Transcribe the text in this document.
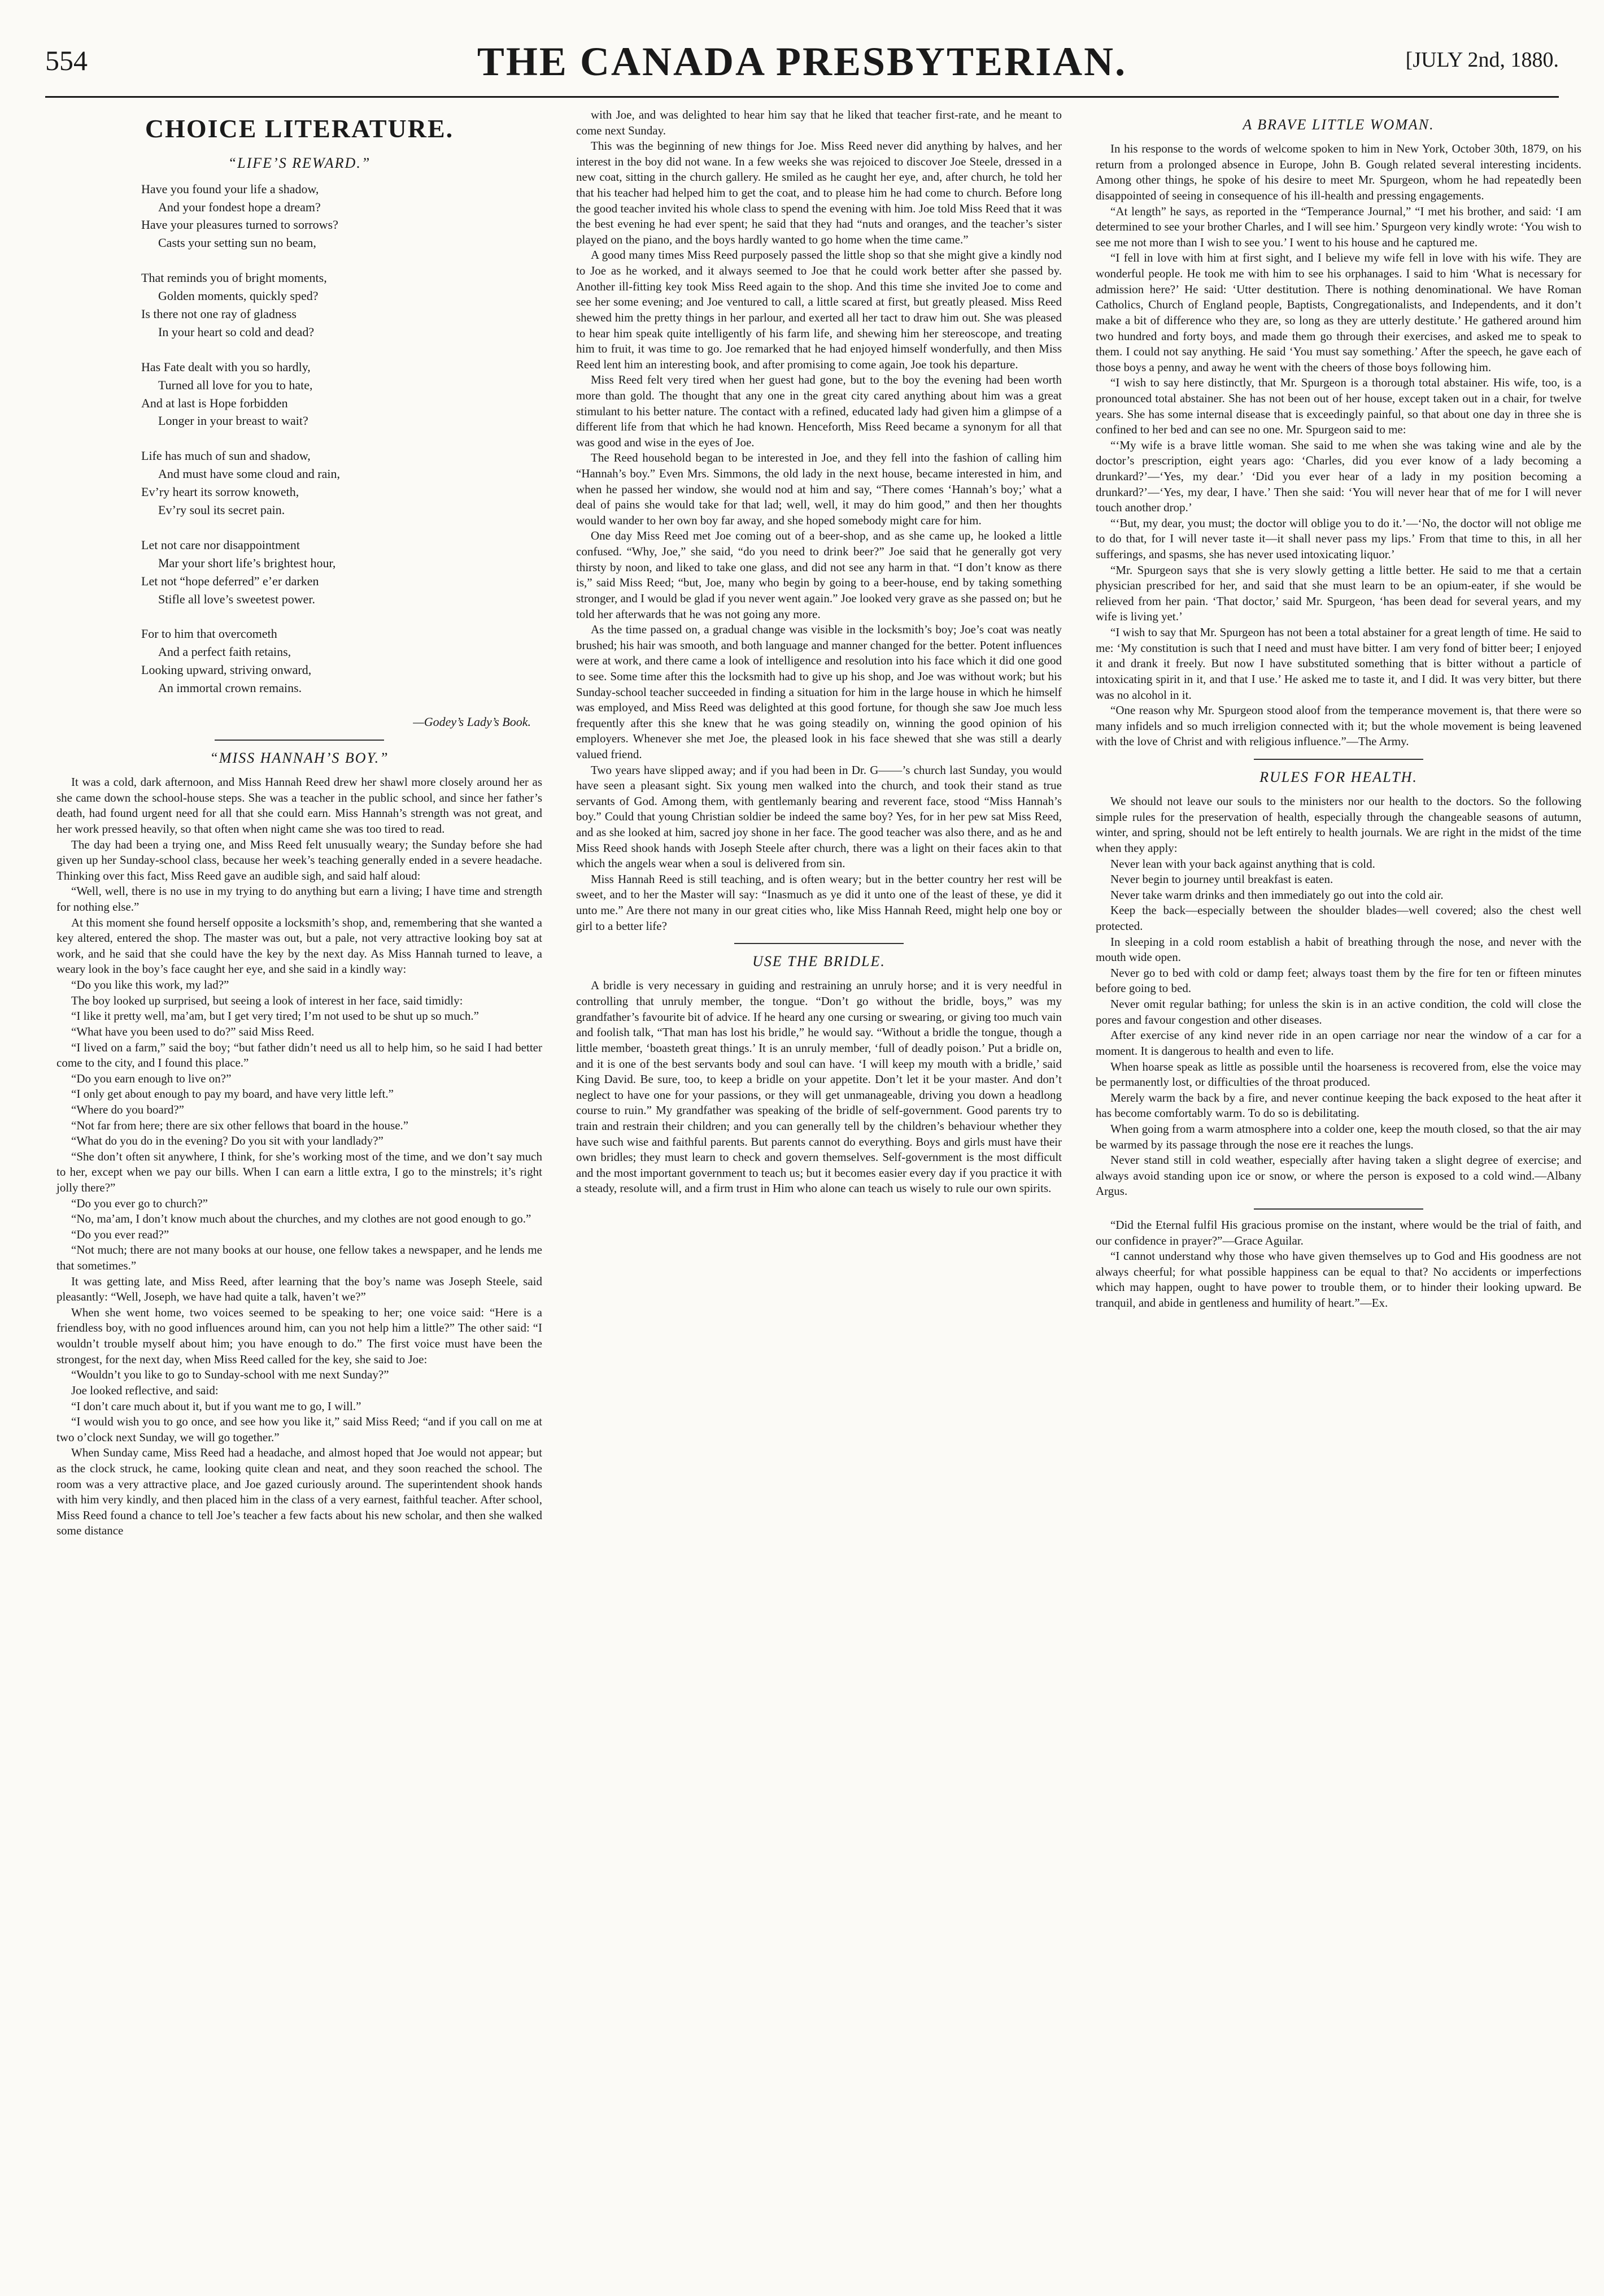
554	THE CANADA PRESBYTERIAN.	[JULY 2nd, 1880.
CHOICE LITERATURE.
“LIFE’S REWARD.”
Have you found your life a shadow,
And your fondest hope a dream?
Have your pleasures turned to sorrows?
Casts your setting sun no beam,
That reminds you of bright moments,
Golden moments, quickly sped?
Is there not one ray of gladness
In your heart so cold and dead?
Has Fate dealt with you so hardly,
Turned all love for you to hate,
And at last is Hope forbidden
Longer in your breast to wait?
Life has much of sun and shadow,
And must have some cloud and rain,
Ev’ry heart its sorrow knoweth,
Ev’ry soul its secret pain.
Let not care nor disappointment
Mar your short life’s brightest hour,
Let not “hope deferred” e’er darken
Stifle all love’s sweetest power.
For to him that overcometh
And a perfect faith retains,
Looking upward, striving onward,
An immortal crown remains.
—Godey’s Lady’s Book.
“MISS HANNAH’S BOY.”

It was a cold, dark afternoon, and Miss Hannah Reed drew her shawl more closely around her as she came down the school-house steps. She was a teacher in the public school, and since her father’s death, had found urgent need for all that she could earn. Miss Hannah’s strength was not great, and her work pressed heavily, so that often when night came she was too tired to read.

The day had been a trying one, and Miss Reed felt unusually weary; the Sunday before she had given up her Sunday-school class, because her week’s teaching generally ended in a severe headache. Thinking over this fact, Miss Reed gave an audible sigh, and said half aloud:

“Well, well, there is no use in my trying to do anything but earn a living; I have time and strength for nothing else.”

At this moment she found herself opposite a locksmith’s shop, and, remembering that she wanted a key altered, entered the shop. The master was out, but a pale, not very attractive looking boy sat at work, and he said that she could have the key by the next day. As Miss Hannah turned to leave, a weary look in the boy’s face caught her eye, and she said in a kindly way:

“Do you like this work, my lad?”

The boy looked up surprised, but seeing a look of interest in her face, said timidly:

“I like it pretty well, ma’am, but I get very tired; I’m not used to be shut up so much.”

“What have you been used to do?” said Miss Reed.

“I lived on a farm,” said the boy; “but father didn’t need us all to help him, so he said I had better come to the city, and I found this place.”

“Do you earn enough to live on?”

“I only get about enough to pay my board, and have very little left.”

“Where do you board?”

“Not far from here; there are six other fellows that board in the house.”

“What do you do in the evening? Do you sit with your landlady?”

“She don’t often sit anywhere, I think, for she’s working most of the time, and we don’t say much to her, except when we pay our bills. When I can earn a little extra, I go to the minstrels; it’s right jolly there?”

“Do you ever go to church?”

“No, ma’am, I don’t know much about the churches, and my clothes are not good enough to go.”

“Do you ever read?”

“Not much; there are not many books at our house, one fellow takes a newspaper, and he lends me that sometimes.”

It was getting late, and Miss Reed, after learning that the boy’s name was Joseph Steele, said pleasantly: “Well, Joseph, we have had quite a talk, haven’t we?”

When she went home, two voices seemed to be speaking to her; one voice said: “Here is a friendless boy, with no good influences around him, can you not help him a little?” The other said: “I wouldn’t trouble myself about him; you have enough to do.” The first voice must have been the strongest, for the next day, when Miss Reed called for the key, she said to Joe:

“Wouldn’t you like to go to Sunday-school with me next Sunday?”

Joe looked reflective, and said:

“I don’t care much about it, but if you want me to go, I will.”

“I would wish you to go once, and see how you like it,” said Miss Reed; “and if you call on me at two o’clock next Sunday, we will go together.”

When Sunday came, Miss Reed had a headache, and almost hoped that Joe would not appear; but as the clock struck, he came, looking quite clean and neat, and they soon reached the school. The room was a very attractive place, and Joe gazed curiously around. The superintendent shook hands with him very kindly, and then placed him in the class of a very earnest, faithful teacher. After school, Miss Reed found a chance to tell Joe’s teacher a few facts about his new scholar, and then she walked some distance

with Joe, and was delighted to hear him say that he liked that teacher first-rate, and he meant to come next Sunday.

This was the beginning of new things for Joe. Miss Reed never did anything by halves, and her interest in the boy did not wane. In a few weeks she was rejoiced to discover Joe Steele, dressed in a new coat, sitting in the church gallery. He smiled as he caught her eye, and, after church, he told her that his teacher had helped him to get the coat, and to please him he had come to church. Before long the good teacher invited his whole class to spend the evening with him. Joe told Miss Reed that it was the best evening he had ever spent; he said that they had “nuts and oranges, and the teacher’s sister played on the piano, and the boys hardly wanted to go home when the time came.”

A good many times Miss Reed purposely passed the little shop so that she might give a kindly nod to Joe as he worked, and it always seemed to Joe that he could work better after she passed by. Another ill-fitting key took Miss Reed again to the shop. And this time she invited Joe to come and see her some evening; and Joe ventured to call, a little scared at first, but greatly pleased. Miss Reed shewed him the pretty things in her parlour, and exerted all her tact to draw him out. She was pleased to hear him speak quite intelligently of his farm life, and shewing him her stereoscope, and treating him to fruit, it was time to go. Joe remarked that he had enjoyed himself wonderfully, and then Miss Reed lent him an interesting book, and after promising to come again, Joe took his departure.

Miss Reed felt very tired when her guest had gone, but to the boy the evening had been worth more than gold. The thought that any one in the great city cared anything about him was a great stimulant to his better nature. The contact with a refined, educated lady had given him a glimpse of a different life from that which he had known. Henceforth, Miss Reed became a synonym for all that was good and wise in the eyes of Joe.

The Reed household began to be interested in Joe, and they fell into the fashion of calling him “Hannah’s boy.” Even Mrs. Simmons, the old lady in the next house, became interested in him, and when he passed her window, she would nod at him and say, “There comes ‘Hannah’s boy;’ what a deal of pains she would take for that lad; well, well, it may do him good,” and then her thoughts would wander to her own boy far away, and she hoped somebody might care for him.

One day Miss Reed met Joe coming out of a beer-shop, and as she came up, he looked a little confused. “Why, Joe,” she said, “do you need to drink beer?” Joe said that he generally got very thirsty by noon, and liked to take one glass, and did not see any harm in that. “I don’t know as there is,” said Miss Reed; “but, Joe, many who begin by going to a beer-house, end by taking something stronger, and I would be glad if you never went again.” Joe looked very grave as she passed on; but he told her afterwards that he was not going any more.

As the time passed on, a gradual change was visible in the locksmith’s boy; Joe’s coat was neatly brushed; his hair was smooth, and both language and manner changed for the better. Potent influences were at work, and there came a look of intelligence and resolution into his face which it did one good to see. Some time after this the locksmith had to give up his shop, and Joe was without work; but his Sunday-school teacher succeeded in finding a situation for him in the large house in which he himself was employed, and Miss Reed was delighted at this good fortune, for though she saw Joe much less frequently after this she knew that he was going steadily on, winning the good opinion of his employers. Whenever she met Joe, the pleased look in his face shewed that she was still a dearly valued friend.

Two years have slipped away; and if you had been in Dr. G——’s church last Sunday, you would have seen a pleasant sight. Six young men walked into the church, and took their stand as true servants of God. Among them, with gentlemanly bearing and reverent face, stood “Miss Hannah’s boy.” Could that young Christian soldier be indeed the same boy? Yes, for in her pew sat Miss Reed, and as she looked at him, sacred joy shone in her face. The good teacher was also there, and as he and Miss Reed shook hands with Joseph Steele after church, there was a light on their faces akin to that which the angels wear when a soul is delivered from sin.

Miss Hannah Reed is still teaching, and is often weary; but in the better country her rest will be sweet, and to her the Master will say: “Inasmuch as ye did it unto one of the least of these, ye did it unto me.” Are there not many in our great cities who, like Miss Hannah Reed, might help one boy or girl to a better life?

USE THE BRIDLE.

A bridle is very necessary in guiding and restraining an unruly horse; and it is very needful in controlling that unruly member, the tongue. “Don’t go without the bridle, boys,” was my grandfather’s favourite bit of advice. If he heard any one cursing or swearing, or giving too much vain and foolish talk, “That man has lost his bridle,” he would say. “Without a bridle the tongue, though a little member, ‘boasteth great things.’ It is an unruly member, ‘full of deadly poison.’ Put a bridle on, and it is one of the best servants body and soul can have. ‘I will keep my mouth with a bridle,’ said King David. Be sure, too, to keep a bridle on your appetite. Don’t let it be your master. And don’t neglect to have one for your passions, or they will get unmanageable, driving you down a headlong course to ruin.” My grandfather was speaking of the bridle of self-government. Good parents try to train and restrain their children; and you can generally tell by the children’s behaviour whether they have such wise and faithful parents. But parents cannot do everything. Boys and girls must have their own bridles; they must learn to check and govern themselves. Self-government is the most difficult and the most important government to teach us; but it becomes easier every day if you practice it with a steady, resolute will, and a firm trust in Him who alone can teach us wisely to rule our own spirits.

A BRAVE LITTLE WOMAN.

In his response to the words of welcome spoken to him in New York, October 30th, 1879, on his return from a prolonged absence in Europe, John B. Gough related several interesting incidents. Among other things, he spoke of his desire to meet Mr. Spurgeon, whom he had repeatedly been disappointed of seeing in consequence of his ill-health and pressing engagements.

“At length” he says, as reported in the “Temperance Journal,” “I met his brother, and said: ‘I am determined to see your brother Charles, and I will see him.’ Spurgeon very kindly wrote: ‘You wish to see me not more than I wish to see you.’ I went to his house and he captured me.

“I fell in love with him at first sight, and I believe my wife fell in love with his wife. They are wonderful people. He took me with him to see his orphanages. I said to him ‘What is necessary for admission here?’ He said: ‘Utter destitution. There is nothing denominational. We have Roman Catholics, Church of England people, Baptists, Congregationalists, and Independents, and it don’t make a bit of difference who they are, so long as they are utterly destitute.’ He gathered around him two hundred and forty boys, and made them go through their exercises, and asked me to speak to them. I could not say anything. He said ‘You must say something.’ After the speech, he gave each of those boys a penny, and away he went with the cheers of those boys following him.

“I wish to say here distinctly, that Mr. Spurgeon is a thorough total abstainer. His wife, too, is a pronounced total abstainer. She has not been out of her house, except taken out in a chair, for twelve years. She has some internal disease that is exceedingly painful, so that about one day in three she is confined to her bed and can see no one. Mr. Spurgeon said to me:

“‘My wife is a brave little woman. She said to me when she was taking wine and ale by the doctor’s prescription, eight years ago: ‘Charles, did you ever know of a lady becoming a drunkard?’—‘Yes, my dear.’ ‘Did you ever hear of a lady in my position becoming a drunkard?’—‘Yes, my dear, I have.’ Then she said: ‘You will never hear that of me for I will never touch another drop.’

“‘But, my dear, you must; the doctor will oblige you to do it.’—‘No, the doctor will not oblige me to do that, for I will never taste it—it shall never pass my lips.’ From that time to this, in all her sufferings, and spasms, she has never used intoxicating liquor.’

“Mr. Spurgeon says that she is very slowly getting a little better. He said to me that a certain physician prescribed for her, and said that she must learn to be an opium-eater, if she would be relieved from her pain. ‘That doctor,’ said Mr. Spurgeon, ‘has been dead for several years, and my wife is living yet.’

“I wish to say that Mr. Spurgeon has not been a total abstainer for a great length of time. He said to me: ‘My constitution is such that I need and must have bitter. I am very fond of bitter beer; I enjoyed it and drank it freely. But now I have substituted something that is bitter without a particle of intoxicating spirit in it, and that I use.’ He asked me to taste it, and I did. It was very bitter, but there was no alcohol in it.

“One reason why Mr. Spurgeon stood aloof from the temperance movement is, that there were so many infidels and so much irreligion connected with it; but the whole movement is being leavened with the love of Christ and with religious influence.”—The Army.

RULES FOR HEALTH.

We should not leave our souls to the ministers nor our health to the doctors. So the following simple rules for the preservation of health, especially through the changeable seasons of autumn, winter, and spring, should not be left entirely to health journals. We are right in the midst of the time when they apply:

Never lean with your back against anything that is cold.

Never begin to journey until breakfast is eaten.

Never take warm drinks and then immediately go out into the cold air.

Keep the back—especially between the shoulder blades—well covered; also the chest well protected.

In sleeping in a cold room establish a habit of breathing through the nose, and never with the mouth wide open.

Never go to bed with cold or damp feet; always toast them by the fire for ten or fifteen minutes before going to bed.

Never omit regular bathing; for unless the skin is in an active condition, the cold will close the pores and favour congestion and other diseases.

After exercise of any kind never ride in an open carriage nor near the window of a car for a moment. It is dangerous to health and even to life.

When hoarse speak as little as possible until the hoarseness is recovered from, else the voice may be permanently lost, or difficulties of the throat produced.

Merely warm the back by a fire, and never continue keeping the back exposed to the heat after it has become comfortably warm. To do so is debilitating.

When going from a warm atmosphere into a colder one, keep the mouth closed, so that the air may be warmed by its passage through the nose ere it reaches the lungs.

Never stand still in cold weather, especially after having taken a slight degree of exercise; and always avoid standing upon ice or snow, or where the person is exposed to a cold wind.—Albany Argus.

“Did the Eternal fulfil His gracious promise on the instant, where would be the trial of faith, and our confidence in prayer?”—Grace Aguilar.

“I cannot understand why those who have given themselves up to God and His goodness are not always cheerful; for what possible happiness can be equal to that? No accidents or imperfections which may happen, ought to have power to trouble them, or to hinder their looking upward. Be tranquil, and abide in gentleness and humility of heart.”—Ex.
